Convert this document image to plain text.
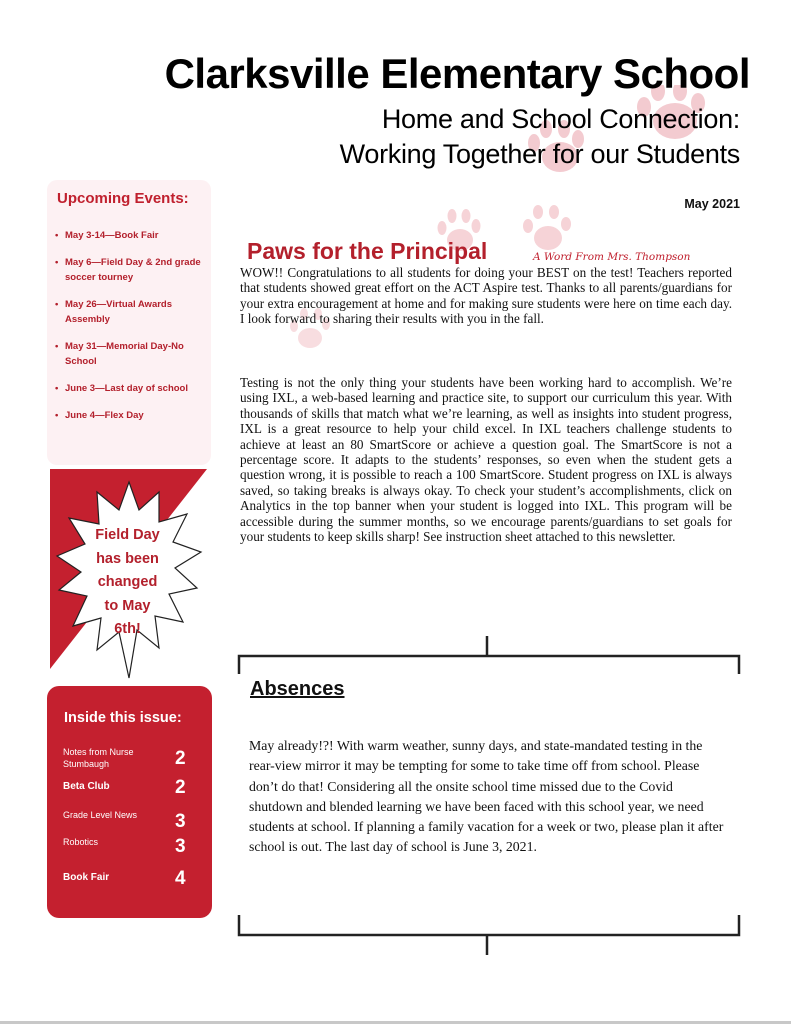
Clarksville Elementary School
Home and School Connection:
Working Together for our Students
May 2021
Upcoming Events:
• May 3-14—Book Fair
• May 6—Field Day & 2nd grade soccer tourney
• May 26—Virtual Awards Assembly
• May 31—Memorial Day-No School
• June 3—Last day of school
• June 4—Flex Day
Field Day
has been
changed
to May
6th!
Inside this issue:
Notes from Nurse Stumbaugh	2
Beta Club	2
Grade Level News	3
Robotics	3
Book Fair	4
Paws for the Principal	A Word From Mrs. Thompson
WOW!! Congratulations to all students for doing your BEST on the test! Teachers reported that students showed great effort on the ACT Aspire test. Thanks to all parents/guardians for your extra encouragement at home and for making sure students were here on time each day. I look forward to sharing their results with you in the fall.
Testing is not the only thing your students have been working hard to accomplish. We’re using IXL, a web-based learning and practice site, to support our curriculum this year. With thousands of skills that match what we’re learning, as well as insights into student progress, IXL is a great resource to help your child excel. In IXL teachers challenge students to achieve at least an 80 SmartScore or achieve a question goal. The SmartScore is not a percentage score. It adapts to the students’ responses, so even when the student gets a question wrong, it is possible to reach a 100 SmartScore. Student progress on IXL is always saved, so taking breaks is always okay. To check your student’s accomplishments, click on Analytics in the top banner when your student is logged into IXL. This program will be accessible during the summer months, so we encourage parents/guardians to set goals for your students to keep skills sharp! See instruction sheet attached to this newsletter.
Absences
May already!?! With warm weather, sunny days, and state-mandated testing in the rear-view mirror it may be tempting for some to take time off from school. Please don’t do that! Considering all the onsite school time missed due to the Covid shutdown and blended learning we have been faced with this school year, we need students at school. If planning a family vacation for a week or two, please plan it after school is out. The last day of school is June 3, 2021.
